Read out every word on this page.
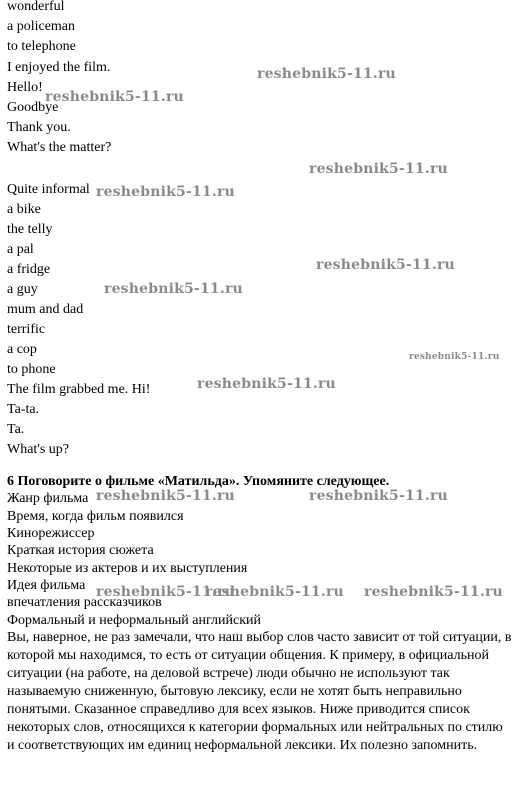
wonderful
a policeman
to telephone
I enjoyed the film.
Hello!
Goodbye
Thank you.
What's the matter?
Quite informal
a bike
the telly
a pal
a fridge
a guy
mum and dad
terrific
a cop
to phone
The film grabbed me. Hi!
Ta-ta.
Ta.
What's up?
6 Поговорите о фильме «Матильда». Упомяните следующее.
Жанр фильма
Время, когда фильм появился
Кинорежиссер
Краткая история сюжета
Некоторые из актеров и их выступления
Идея фильма
впечатления рассказчиков
Формальный и неформальный английский

Вы, наверное, не раз замечали, что наш выбор слов часто зависит от той ситуации, в которой мы находимся, то есть от ситуации общения. К примеру, в официальной ситуации (на работе, на деловой встрече) люди обычно не используют так называемую сниженную, бытовую лексику, если не хотят быть неправильно понятыми. Сказанное справедливо для всех языков. Ниже приводится список некоторых слов, относящихся к категории формальных или нейтральных по стилю и соответствующих им единиц неформальной лексики. Их полезно запомнить.

reshebnik5-11.ru
reshebnik5-11.ru
reshebnik5-11.ru
reshebnik5-11.ru
reshebnik5-11.ru
reshebnik5-11.ru
reshebnik5-11.ru
reshebnik5-11.ru
reshebnik5-11.ru	reshebnik5-11.ru
reshebnik5-11.ru
reshebnik5-11.ru reshebnik5-11.ru
